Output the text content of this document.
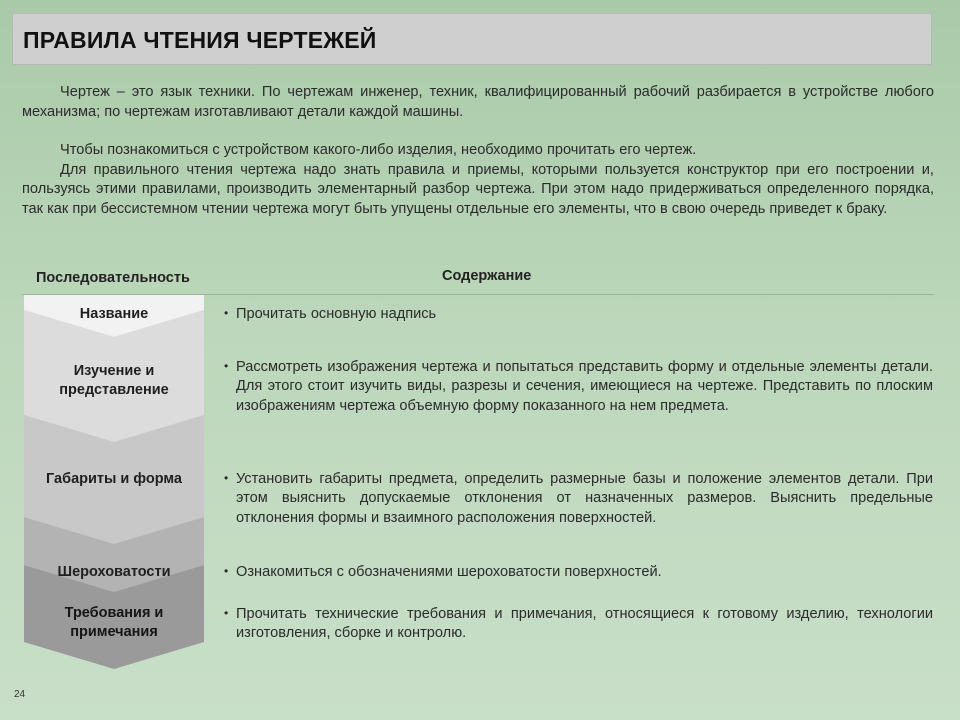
ПРАВИЛА ЧТЕНИЯ ЧЕРТЕЖЕЙ

Чертеж – это язык техники. По чертежам инженер, техник, квалифицированный рабочий разбирается в устройстве любого механизма; по чертежам изготавливают детали каждой машины.

Чтобы познакомиться с устройством какого-либо изделия, необходимо прочитать его чертеж.

Для правильного чтения чертежа надо знать правила и приемы, которыми пользуется конструктор при его построении и, пользуясь этими правилами, производить элементарный разбор чертежа. При этом надо придерживаться определенного порядка, так как при бессистемном чтении чертежа могут быть упущены отдельные его элементы, что в свою очередь приведет к браку.

Последовательность	Содержание
Название
Изучение и представление
Габариты и форма
Шероховатости
Требования и примечания
• Прочитать основную надпись
• Рассмотреть изображения чертежа и попытаться представить форму и отдельные элементы детали. Для этого стоит изучить виды, разрезы и сечения, имеющиеся на чертеже. Представить по плоским изображениям чертежа объемную форму показанного на нем предмета.
• Установить габариты предмета, определить размерные базы и положение элементов детали. При этом выяснить допускаемые отклонения от назначенных размеров. Выяснить предельные отклонения формы и взаимного расположения поверхностей.
• Ознакомиться с обозначениями шероховатости поверхностей.
• Прочитать технические требования и примечания, относящиеся к готовому изделию, технологии изготовления, сборке и контролю.
24
